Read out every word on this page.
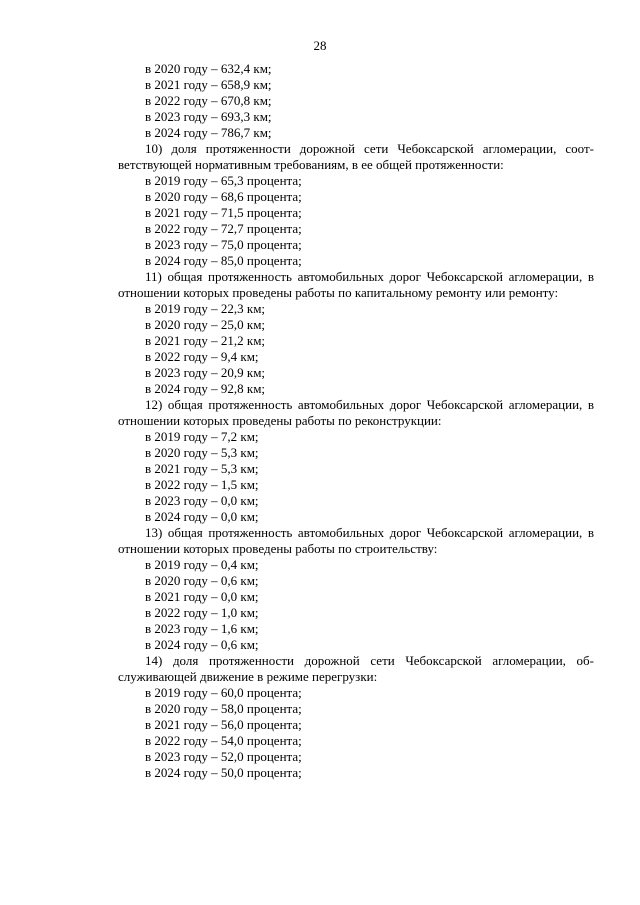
28
в 2020 году – 632,4 км;
в 2021 году – 658,9 км;
в 2022 году – 670,8 км;
в 2023 году – 693,3 км;
в 2024 году – 786,7 км;
10) доля протяженности дорожной сети Чебоксарской агломерации, соответствующей нормативным требованиям, в ее общей протяженности:
в 2019 году – 65,3 процента;
в 2020 году – 68,6 процента;
в 2021 году – 71,5 процента;
в 2022 году – 72,7 процента;
в 2023 году – 75,0 процента;
в 2024 году – 85,0 процента;
11) общая протяженность автомобильных дорог Чебоксарской агломерации, в отношении которых проведены работы по капитальному ремонту или ремонту:
в 2019 году – 22,3 км;
в 2020 году – 25,0 км;
в 2021 году – 21,2 км;
в 2022 году – 9,4 км;
в 2023 году – 20,9 км;
в 2024 году – 92,8 км;
12) общая протяженность автомобильных дорог Чебоксарской агломерации, в отношении которых проведены работы по реконструкции:
в 2019 году – 7,2 км;
в 2020 году – 5,3 км;
в 2021 году – 5,3 км;
в 2022 году – 1,5 км;
в 2023 году – 0,0 км;
в 2024 году – 0,0 км;
13) общая протяженность автомобильных дорог Чебоксарской агломерации, в отношении которых проведены работы по строительству:
в 2019 году – 0,4 км;
в 2020 году – 0,6 км;
в 2021 году – 0,0 км;
в 2022 году – 1,0 км;
в 2023 году – 1,6 км;
в 2024 году – 0,6 км;
14) доля протяженности дорожной сети Чебоксарской агломерации, обслуживающей движение в режиме перегрузки:
в 2019 году – 60,0 процента;
в 2020 году – 58,0 процента;
в 2021 году – 56,0 процента;
в 2022 году – 54,0 процента;
в 2023 году – 52,0 процента;
в 2024 году – 50,0 процента;
